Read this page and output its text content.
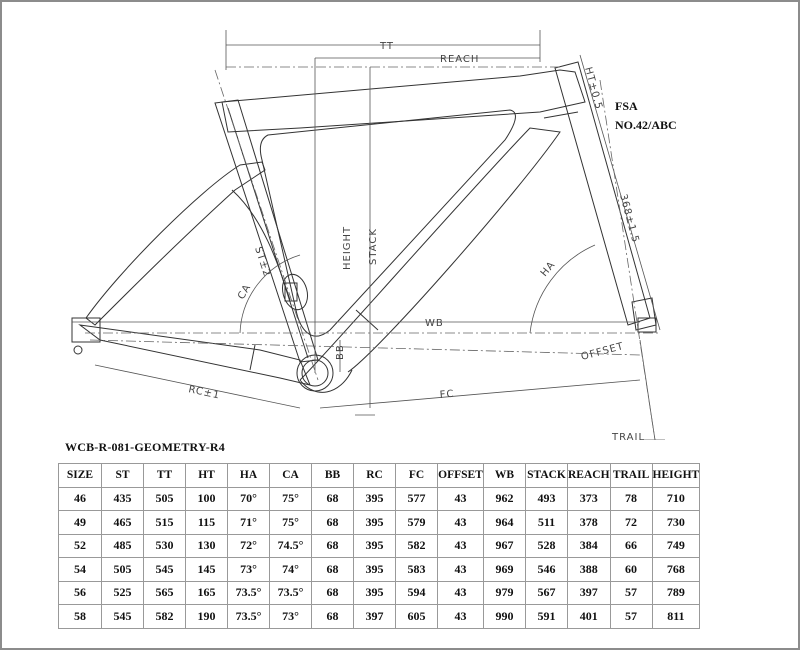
TT
REACH
HT±0.5
368±1.5
HEIGHT STACK
ST±2
CA
HA
WB
BB
RC±1	FC
OFFSET
TRAIL
FSA
NO.42/ABC
WCB-R-081-GEOMETRY-R4
SIZE	ST	TT	HT	HA	CA	BB	RC	FC	OFFSET	WB	STACK	REACH	TRAIL	HEIGHT
46	435	505	100	70°	75°	68	395	577	43	962	493	373	78	710
49	465	515	115	71°	75°	68	395	579	43	964	511	378	72	730
52	485	530	130	72°	74.5°	68	395	582	43	967	528	384	66	749
54	505	545	145	73°	74°	68	395	583	43	969	546	388	60	768
56	525	565	165	73.5°	73.5°	68	395	594	43	979	567	397	57	789
58	545	582	190	73.5°	73°	68	397	605	43	990	591	401	57	811
